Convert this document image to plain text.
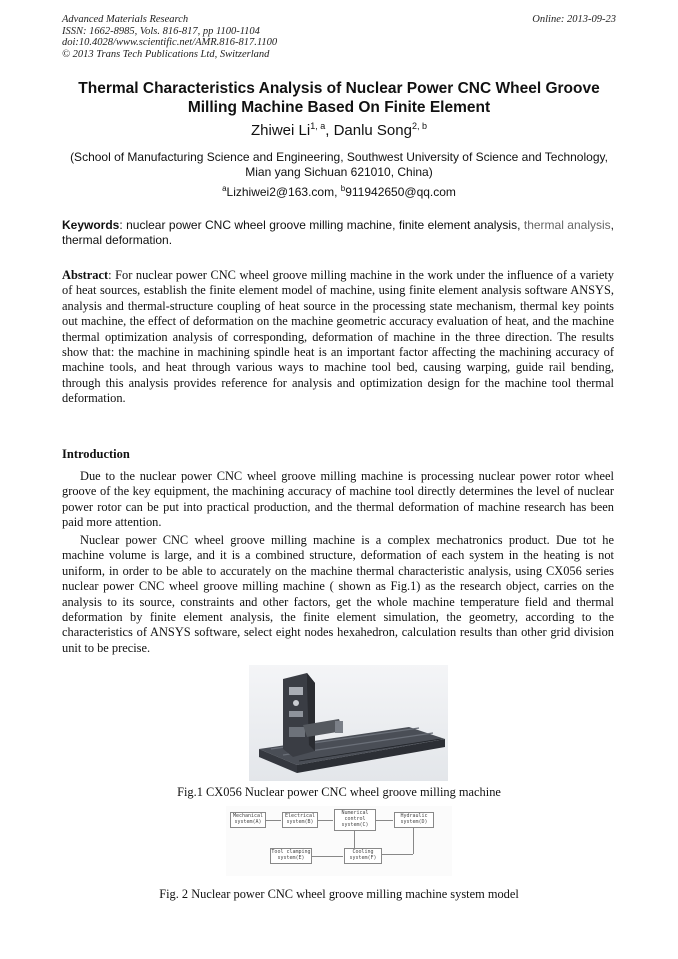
Advanced Materials Research
ISSN: 1662-8985, Vols. 816-817, pp 1100-1104
doi:10.4028/www.scientific.net/AMR.816-817.1100
© 2013 Trans Tech Publications Ltd, Switzerland
Online: 2013-09-23
Thermal Characteristics Analysis of Nuclear Power CNC Wheel Groove Milling Machine Based On Finite Element
Zhiwei Li$^{1, a}$, Danlu Song$^{2, b}$
(School of Manufacturing Science and Engineering, Southwest University of Science and Technology, Mian yang Sichuan 621010, China)
$^a$Lizhiwei2@163.com, $^b$911942650@qq.com
Keywords: nuclear power CNC wheel groove milling machine, finite element analysis, thermal analysis, thermal deformation.
Abstract: For nuclear power CNC wheel groove milling machine in the work under the influence of a variety of heat sources, establish the finite element model of machine, using finite element analysis software ANSYS, analysis and thermal-structure coupling of heat source in the processing state mechanism, thermal key points out machine, the effect of deformation on the machine geometric accuracy evaluation of heat, and the machine thermal optimization analysis of corresponding, deformation of machine in the three direction. The results show that: the machine in machining spindle heat is an important factor affecting the machining accuracy of machine tools, and heat through various ways to machine tool bed, causing warping, guide rail bending, through this analysis provides reference for analysis and optimization design for the machine tool thermal deformation.
Introduction
Due to the nuclear power CNC wheel groove milling machine is processing nuclear power rotor wheel groove of the key equipment, the machining accuracy of machine tool directly determines the level of nuclear power rotor can be put into practical production, and the thermal deformation of machine research has been paid more attention.
Nuclear power CNC wheel groove milling machine is a complex mechatronics product. Due tot he machine volume is large, and it is a combined structure, deformation of each system in the heating is not uniform, in order to be able to accurately on the machine thermal characteristic analysis, using CX056 series nuclear power CNC wheel groove milling machine ( shown as Fig.1) as the research object, carries on the analysis to its source, constraints and other factors, get the whole machine temperature field and thermal deformation by finite element analysis, the finite element simulation, the geometry, according to the characteristics of ANSYS software, select eight nodes hexahedron, calculation results than other grid division unit to be precise.
Fig.1 CX056 Nuclear power CNC wheel groove milling machine
Mechanical system(A)
Electrical system(B)
Numerical control system(C)
Hydraulic system(D)
Tool clamping system(E)
Cooling system(F)
Fig. 2 Nuclear power CNC wheel groove milling machine system model
